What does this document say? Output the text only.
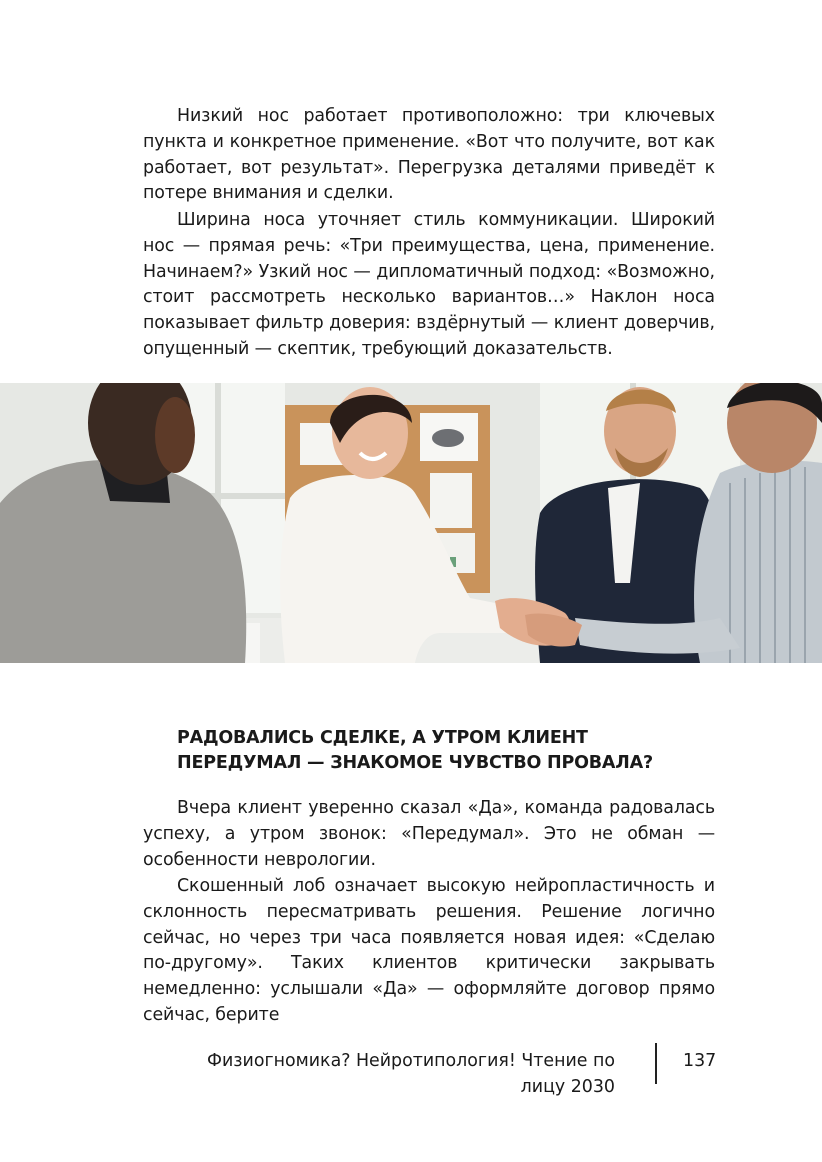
Низкий нос работает противоположно: три ключевых пункта и конкретное применение. «Вот что получите, вот как работает, вот результат». Перегрузка деталями приведёт к потере внимания и сделки.

Ширина носа уточняет стиль коммуникации. Широкий нос — прямая речь: «Три преимущества, цена, применение. Начинаем?» Узкий нос — дипломатичный подход: «Возможно, стоит рассмотреть несколько вариантов…» Наклон носа показывает фильтр доверия: вздёрнутый — клиент доверчив, опущенный — скептик, требующий доказательств.

РАДОВАЛИСЬ СДЕЛКЕ, А УТРОМ КЛИЕНТ
ПЕРЕДУМАЛ — ЗНАКОМОЕ ЧУВСТВО ПРОВАЛА?

Вчера клиент уверенно сказал «Да», команда радовалась успеху, а утром звонок: «Передумал». Это не обман — особенности неврологии.

Скошенный лоб означает высокую нейропластичность и склонность пересматривать решения. Решение логично сейчас, но через три часа появляется новая идея: «Сделаю по-другому». Таких клиентов критически закрывать немедленно: услышали «Да» — оформляйте договор прямо сейчас, берите

Физиогномика? Нейротипология! Чтение по лицу 2030

137
